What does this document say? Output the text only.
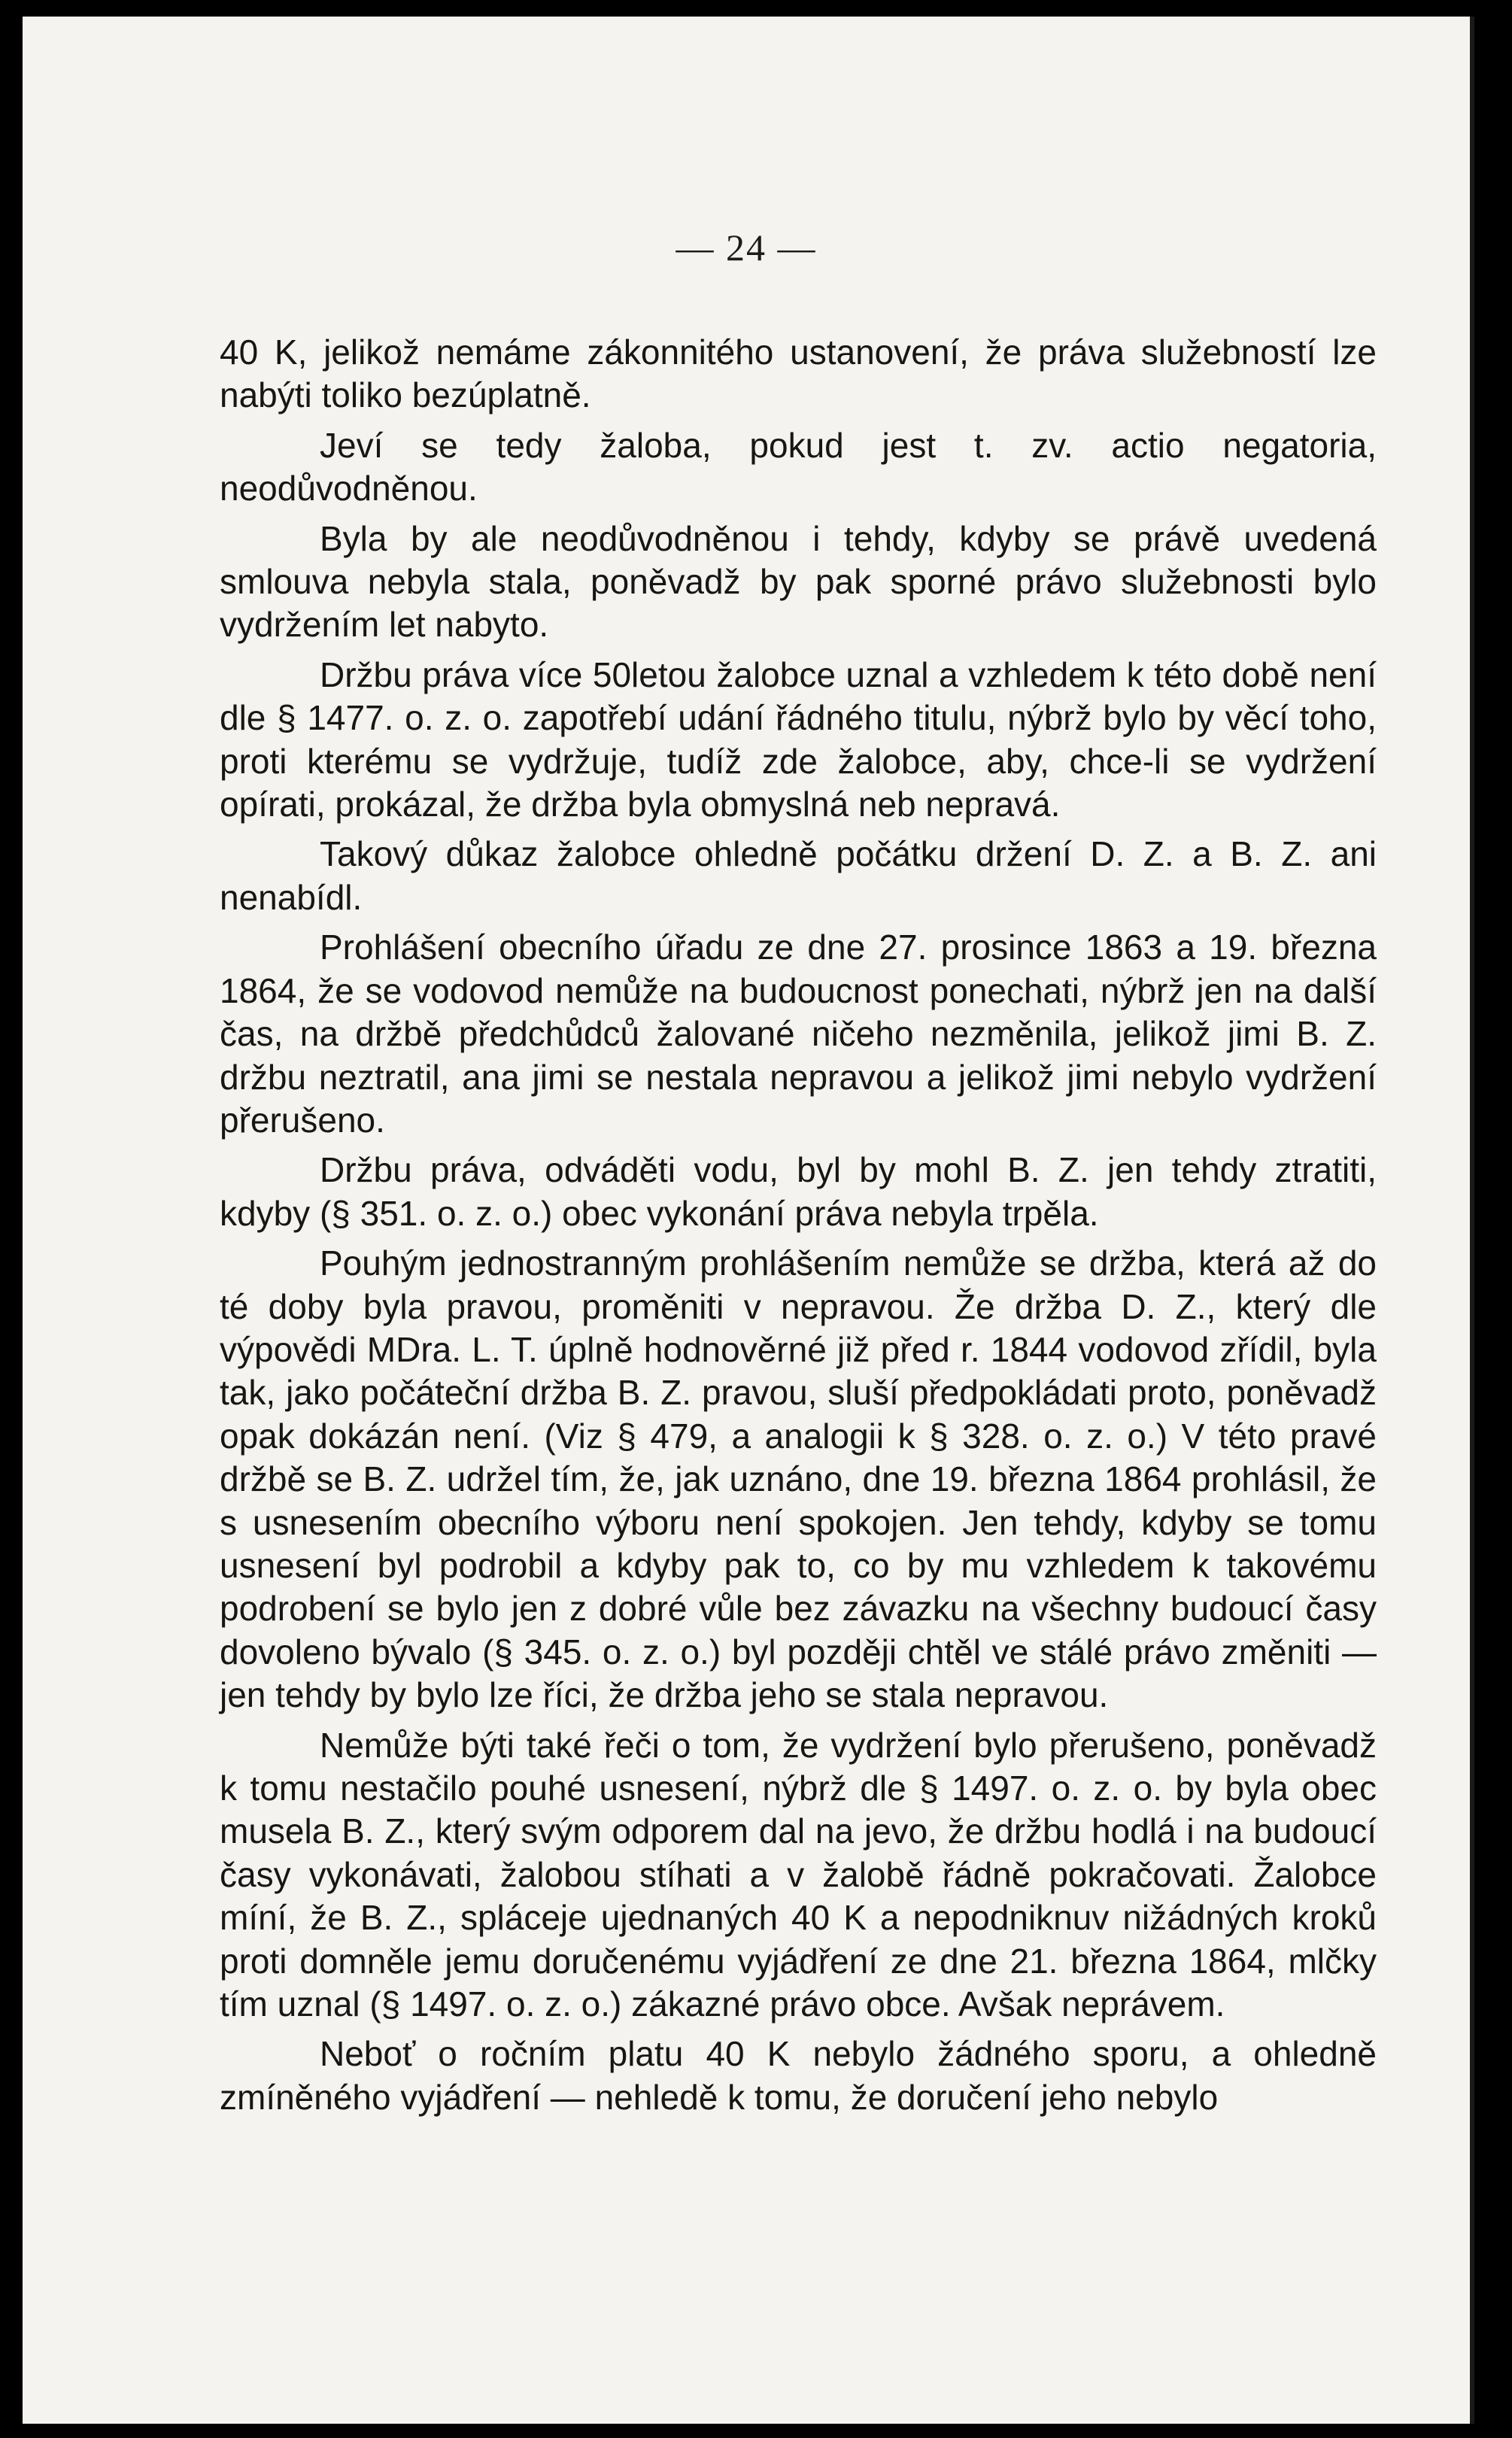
— 24 —

40 K, jelikož nemáme zákonnitého ustanovení, že práva služebností lze nabýti toliko bezúplatně.

Jeví se tedy žaloba, pokud jest t. zv. actio negatoria, neodůvodněnou.

Byla by ale neodůvodněnou i tehdy, kdyby se právě uvedená smlouva nebyla stala, poněvadž by pak sporné právo služebnosti bylo vydržením let nabyto.

Držbu práva více 50letou žalobce uznal a vzhledem k této době není dle § 1477. o. z. o. zapotřebí udání řádného titulu, nýbrž bylo by věcí toho, proti kterému se vydržuje, tudíž zde žalobce, aby, chce-li se vydržení opírati, prokázal, že držba byla obmyslná neb nepravá.

Takový důkaz žalobce ohledně počátku držení D. Z. a B. Z. ani nenabídl.

Prohlášení obecního úřadu ze dne 27. prosince 1863 a 19. března 1864, že se vodovod nemůže na budoucnost ponechati, nýbrž jen na další čas, na držbě předchůdců žalované ničeho nezměnila, jelikož jimi B. Z. držbu neztratil, ana jimi se nestala nepravou a jelikož jimi nebylo vydržení přerušeno.

Držbu práva, odváděti vodu, byl by mohl B. Z. jen tehdy ztratiti, kdyby (§ 351. o. z. o.) obec vykonání práva nebyla trpěla.

Pouhým jednostranným prohlášením nemůže se držba, která až do té doby byla pravou, proměniti v nepravou. Že držba D. Z., který dle výpovědi MDra. L. T. úplně hodnověrné již před r. 1844 vodovod zřídil, byla tak, jako počáteční držba B. Z. pravou, sluší předpokládati proto, poněvadž opak dokázán není. (Viz § 479, a analogii k § 328. o. z. o.) V této pravé držbě se B. Z. udržel tím, že, jak uznáno, dne 19. března 1864 prohlásil, že s usnesením obecního výboru není spokojen. Jen tehdy, kdyby se tomu usnesení byl podrobil a kdyby pak to, co by mu vzhledem k takovému podrobení se bylo jen z dobré vůle bez závazku na všechny budoucí časy dovoleno bývalo (§ 345. o. z. o.) byl později chtěl ve stálé právo změniti — jen tehdy by bylo lze říci, že držba jeho se stala nepravou.

Nemůže býti také řeči o tom, že vydržení bylo přerušeno, poněvadž k tomu nestačilo pouhé usnesení, nýbrž dle § 1497. o. z. o. by byla obec musela B. Z., který svým odporem dal na jevo, že držbu hodlá i na budoucí časy vykonávati, žalobou stíhati a v žalobě řádně pokračovati. Žalobce míní, že B. Z., spláceje ujednaných 40 K a nepodniknuv nižádných kroků proti domněle jemu doručenému vyjádření ze dne 21. března 1864, mlčky tím uznal (§ 1497. o. z. o.) zákazné právo obce. Avšak neprávem.

Neboť o ročním platu 40 K nebylo žádného sporu, a ohledně zmíněného vyjádření — nehledě k tomu, že doručení jeho nebylo
